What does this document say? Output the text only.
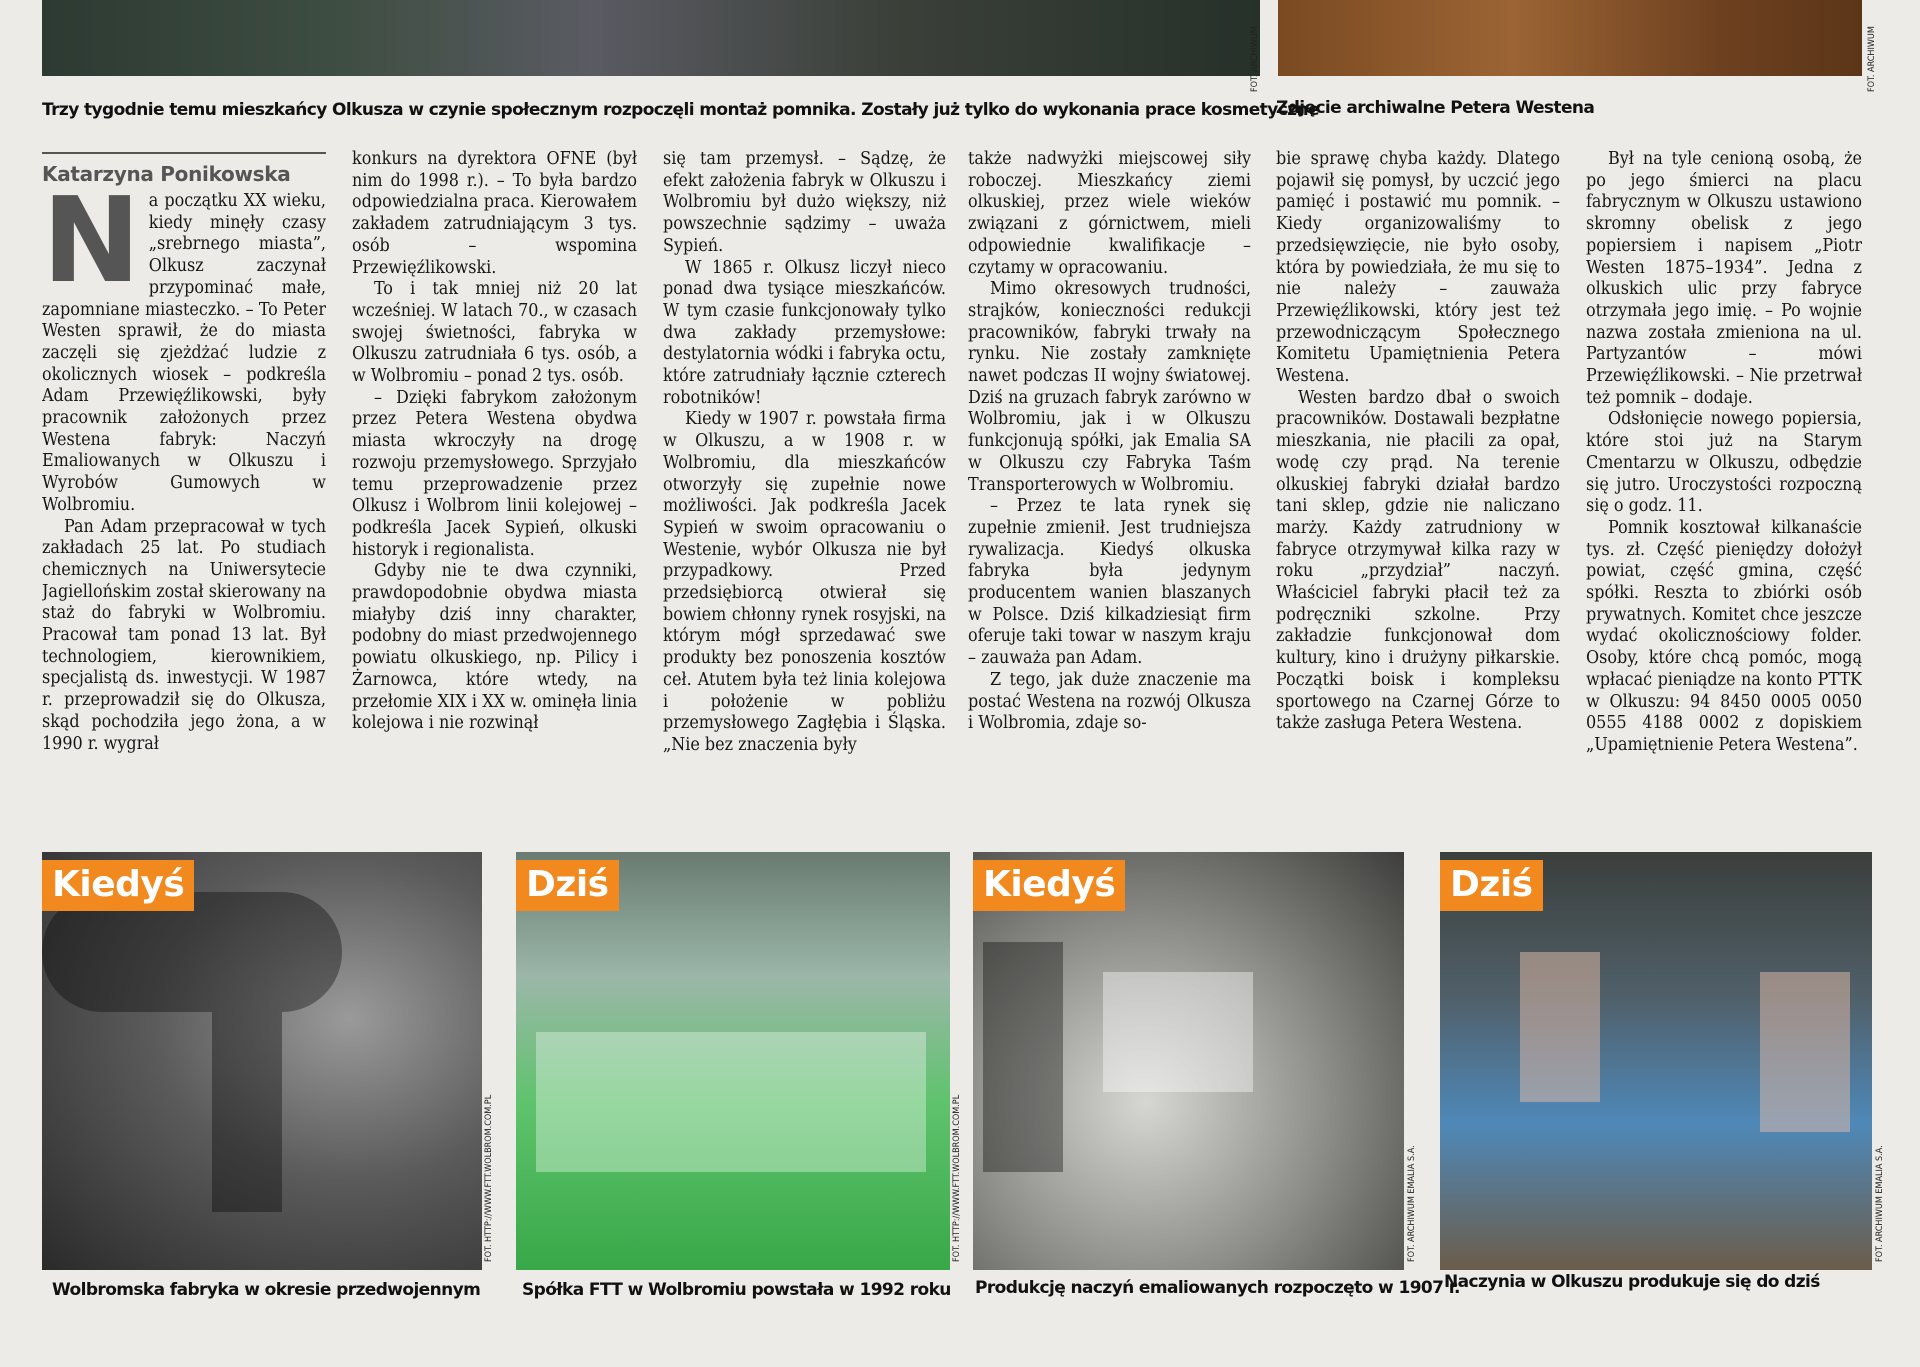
FOT. ARCHIWUM	FOT. ARCHIWUM
Trzy tygodnie temu mieszkańcy Olkusza w czynie społecznym rozpoczęli montaż pomnika. Zostały już tylko do wykonania prace kosmetyczne
Zdjęcie archiwalne Petera Westena
Katarzyna Ponikowska
N a początku XX wieku, kiedy minęły czasy „srebrnego miasta”, Olkusz zaczynał przypominać małe, zapomniane miasteczko. – To Peter Westen sprawił, że do miasta zaczęli się zjeżdżać ludzie z okolicznych wiosek – podkreśla Adam Przewięźlikowski, były pracownik założonych przez Westena fabryk: Naczyń Emaliowanych w Olkuszu i Wyrobów Gumowych w Wolbromiu.

Pan Adam przepracował w tych zakładach 25 lat. Po studiach chemicznych na Uniwersytecie Jagiellońskim został skierowany na staż do fabryki w Wolbromiu. Pracował tam ponad 13 lat. Był technologiem, kierownikiem, specjalistą ds. inwestycji. W 1987 r. przeprowadził się do Olkusza, skąd pochodziła jego żona, a w 1990 r. wygrał

konkurs na dyrektora OFNE (był nim do 1998 r.). – To była bardzo odpowiedzialna praca. Kierowałem zakładem zatrudniającym 3 tys. osób – wspomina Przewięźlikowski.

To i tak mniej niż 20 lat wcześniej. W latach 70., w czasach swojej świetności, fabryka w Olkuszu zatrudniała 6 tys. osób, a w Wolbromiu – ponad 2 tys. osób.

– Dzięki fabrykom założonym przez Petera Westena obydwa miasta wkroczyły na drogę rozwoju przemysłowego. Sprzyjało temu przeprowadzenie przez Olkusz i Wolbrom linii kolejowej – podkreśla Jacek Sypień, olkuski historyk i regionalista.

Gdyby nie te dwa czynniki, prawdopodobnie obydwa miasta miałyby dziś inny charakter, podobny do miast przedwojennego powiatu olkuskiego, np. Pilicy i Żarnowca, które wtedy, na przełomie XIX i XX w. ominęła linia kolejowa i nie rozwinął

się tam przemysł. – Sądzę, że efekt założenia fabryk w Olkuszu i Wolbromiu był dużo większy, niż powszechnie sądzimy – uważa Sypień.

W 1865 r. Olkusz liczył nieco ponad dwa tysiące mieszkańców. W tym czasie funkcjonowały tylko dwa zakłady przemysłowe: destylatornia wódki i fabryka octu, które zatrudniały łącznie czterech robotników!

Kiedy w 1907 r. powstała firma w Olkuszu, a w 1908 r. w Wolbromiu, dla mieszkańców otworzyły się zupełnie nowe możliwości. Jak podkreśla Jacek Sypień w swoim opracowaniu o Westenie, wybór Olkusza nie był przypadkowy. Przed przedsiębiorcą otwierał się bowiem chłonny rynek rosyjski, na którym mógł sprzedawać swe produkty bez ponoszenia kosztów ceł. Atutem była też linia kolejowa i położenie w pobliżu przemysłowego Zagłębia i Śląska. „Nie bez znaczenia były

także nadwyżki miejscowej siły roboczej. Mieszkańcy ziemi olkuskiej, przez wiele wieków związani z górnictwem, mieli odpowiednie kwalifikacje – czytamy w opracowaniu.

Mimo okresowych trudności, strajków, konieczności redukcji pracowników, fabryki trwały na rynku. Nie zostały zamknięte nawet podczas II wojny światowej. Dziś na gruzach fabryk zarówno w Wolbromiu, jak i w Olkuszu funkcjonują spółki, jak Emalia SA w Olkuszu czy Fabryka Taśm Transporterowych w Wolbromiu.

– Przez te lata rynek się zupełnie zmienił. Jest trudniejsza rywalizacja. Kiedyś olkuska fabryka była jedynym producentem wanien blaszanych w Polsce. Dziś kilkadziesiąt firm oferuje taki towar w naszym kraju – zauważa pan Adam.

Z tego, jak duże znaczenie ma postać Westena na rozwój Olkusza i Wolbromia, zdaje so-

bie sprawę chyba każdy. Dlatego pojawił się pomysł, by uczcić jego pamięć i postawić mu pomnik. – Kiedy organizowaliśmy to przedsięwzięcie, nie było osoby, która by powiedziała, że mu się to nie należy – zauważa Przewięźlikowski, który jest też przewodniczącym Społecznego Komitetu Upamiętnienia Petera Westena.

Westen bardzo dbał o swoich pracowników. Dostawali bezpłatne mieszkania, nie płacili za opał, wodę czy prąd. Na terenie olkuskiej fabryki działał bardzo tani sklep, gdzie nie naliczano marży. Każdy zatrudniony w fabryce otrzymywał kilka razy w roku „przydział” naczyń. Właściciel fabryki płacił też za podręczniki szkolne. Przy zakładzie funkcjonował dom kultury, kino i drużyny piłkarskie. Początki boisk i kompleksu sportowego na Czarnej Górze to także zasługa Petera Westena.

Był na tyle cenioną osobą, że po jego śmierci na placu fabrycznym w Olkuszu ustawiono skromny obelisk z jego popiersiem i napisem „Piotr Westen 1875–1934”. Jedna z olkuskich ulic przy fabryce otrzymała jego imię. – Po wojnie nazwa została zmieniona na ul. Partyzantów – mówi Przewięźlikowski. – Nie przetrwał też pomnik – dodaje.

Odsłonięcie nowego popiersia, które stoi już na Starym Cmentarzu w Olkuszu, odbędzie się jutro. Uroczystości rozpoczną się o godz. 11.

Pomnik kosztował kilkanaście tys. zł. Część pieniędzy dołożył powiat, część gmina, część spółki. Reszta to zbiórki osób prywatnych. Komitet chce jeszcze wydać okolicznościowy folder. Osoby, które chcą pomóc, mogą wpłacać pieniądze na konto PTTK w Olkuszu: 94 8450 0005 0050 0555 4188 0002 z dopiskiem „Upamiętnienie Petera Westena”.

Kiedyś	Dziś	Kiedyś	Dziś
FOT. HTTP://WWW.FTT.WOLBROM.COM.PL	FOT. HTTP://WWW.FTT.WOLBROM.COM.PL	FOT. ARCHIWUM EMALIA S.A.	FOT. ARCHIWUM EMALIA S.A.
Wolbromska fabryka w okresie przedwojennym Spółka FTT w Wolbromiu powstała w 1992 roku Produkcję naczyń emaliowanych rozpoczęto w 1907 r.
Naczynia w Olkuszu produkuje się do dziś
